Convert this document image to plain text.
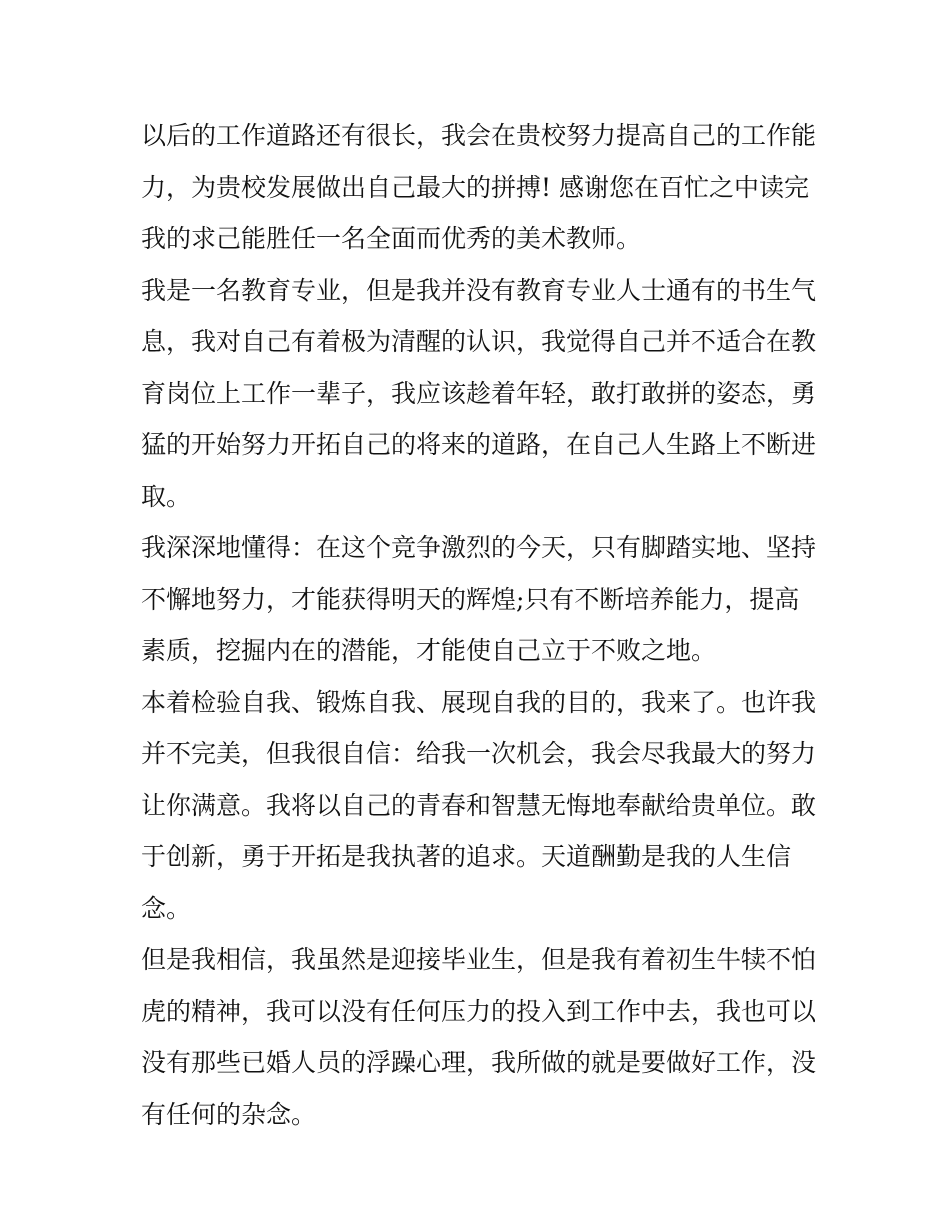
以后的工作道路还有很长，我会在贵校努力提高自己的工作能
力，为贵校发展做出自己最大的拼搏! 感谢您在百忙之中读完
我的求己能胜任一名全面而优秀的美术教师。
我是一名教育专业，但是我并没有教育专业人士通有的书生气
息，我对自己有着极为清醒的认识，我觉得自己并不适合在教
育岗位上工作一辈子，我应该趁着年轻，敢打敢拼的姿态，勇
猛的开始努力开拓自己的将来的道路，在自己人生路上不断进
取。
我深深地懂得：在这个竞争激烈的今天，只有脚踏实地、坚持
不懈地努力，才能获得明天的辉煌;只有不断培养能力，提高
素质，挖掘内在的潜能，才能使自己立于不败之地。
本着检验自我、锻炼自我、展现自我的目的，我来了。也许我
并不完美，但我很自信：给我一次机会，我会尽我最大的努力
让你满意。我将以自己的青春和智慧无悔地奉献给贵单位。敢
于创新，勇于开拓是我执著的追求。天道酬勤是我的人生信
念。
但是我相信，我虽然是迎接毕业生，但是我有着初生牛犊不怕
虎的精神，我可以没有任何压力的投入到工作中去，我也可以
没有那些已婚人员的浮躁心理，我所做的就是要做好工作，没
有任何的杂念。
